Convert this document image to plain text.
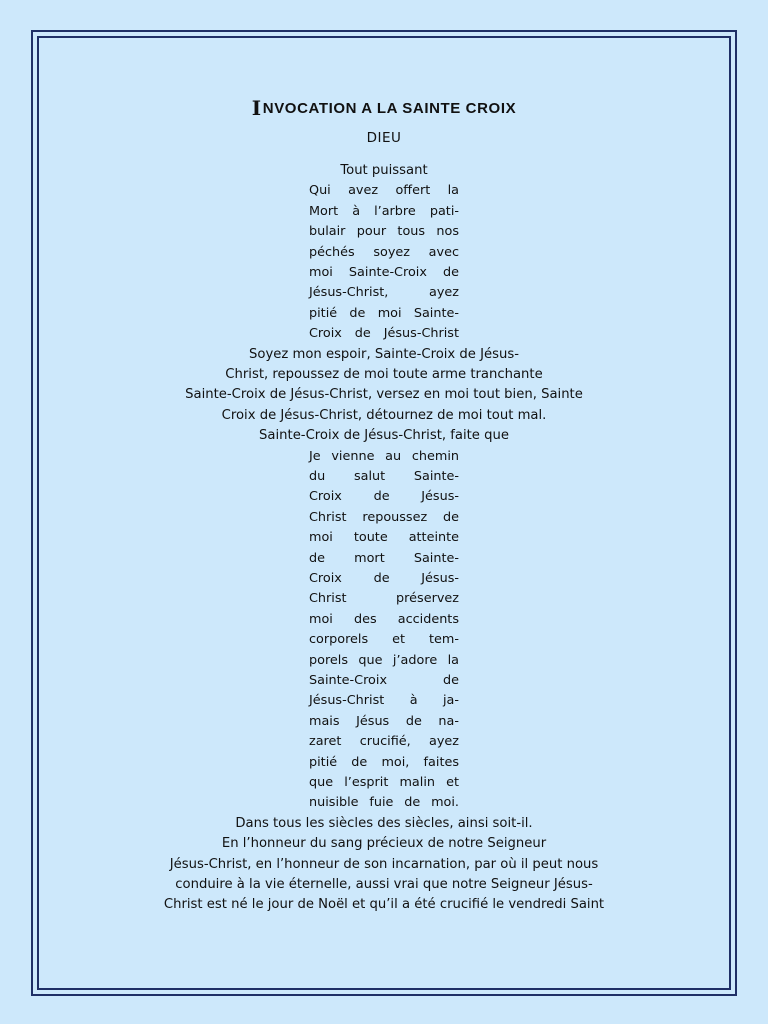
INVOCATION A LA SAINTE CROIX
DIEU
Tout puissant
Qui avez offert la
Mort à l’arbre pati-
bulair pour tous nos
péchés soyez avec
moi Sainte-Croix de
Jésus-Christ, ayez
pitié de moi Sainte-
Croix de Jésus-Christ
Soyez mon espoir, Sainte-Croix de Jésus-
Christ, repoussez de moi toute arme tranchante
Sainte-Croix de Jésus-Christ, versez en moi tout bien, Sainte
Croix de Jésus-Christ, détournez de moi tout mal.
Sainte-Croix de Jésus-Christ, faite que
Je vienne au chemin
du salut Sainte-
Croix de Jésus-
Christ repoussez de
moi toute atteinte
de mort Sainte-
Croix de Jésus-
Christ préservez
moi des accidents
corporels et tem-
porels que j’adore la
Sainte-Croix de
Jésus-Christ à ja-
mais Jésus de na-
zaret crucifié, ayez
pitié de moi, faites
que l’esprit malin et
nuisible fuie de moi.
Dans tous les siècles des siècles, ainsi soit-il.
En l’honneur du sang précieux de notre Seigneur
Jésus-Christ, en l’honneur de son incarnation, par où il peut nous
conduire à la vie éternelle, aussi vrai que notre Seigneur Jésus-
Christ est né le jour de Noël et qu’il a été crucifié le vendredi Saint
